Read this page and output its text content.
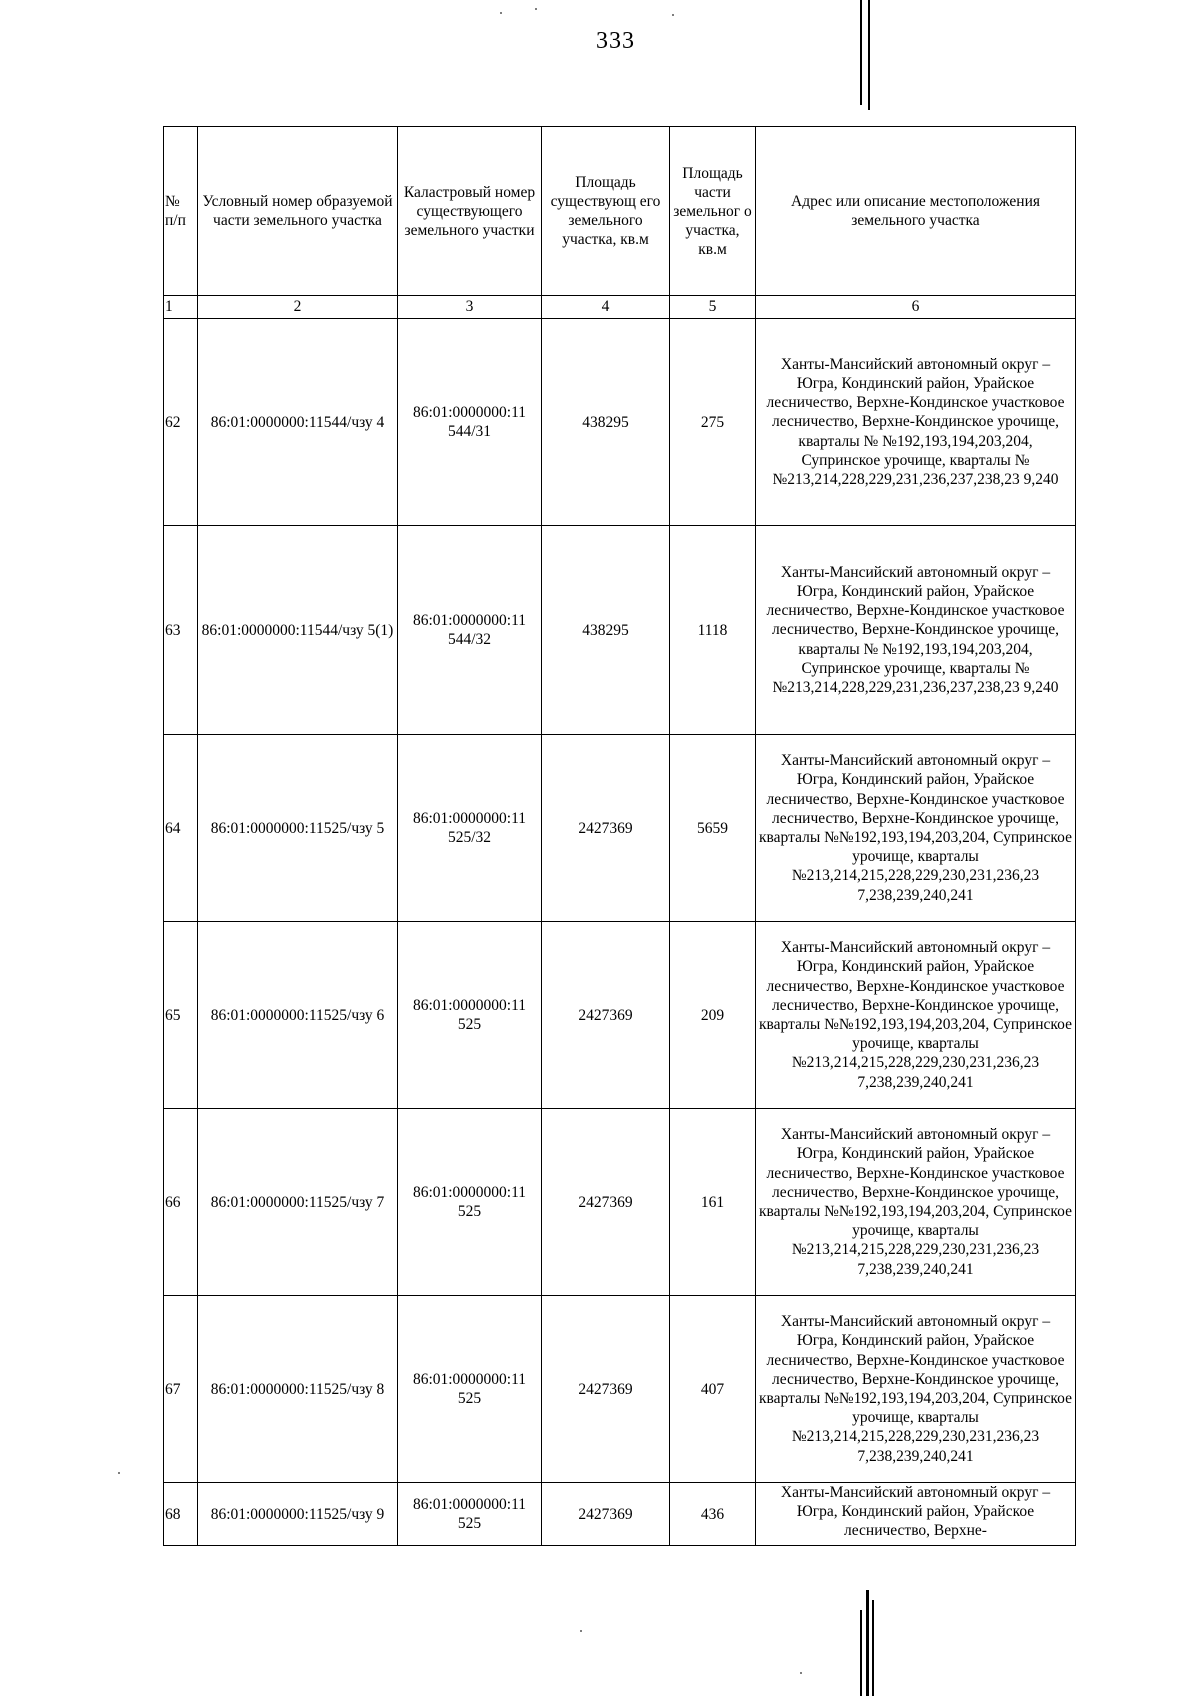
333
№ п/п	Условный номер образуемой части земельного участка	Каластровый номер существующего земельного участки	Площадь существующ его земельного участка, кв.м	Площадь части земельног о участка, кв.м	Адрес или описание местоположения земельного участка
1	2	3	4	5	6
62	86:01:0000000:11544/чзу 4	86:01:0000000:11 544/31	438295	275	Ханты-Мансийский автономный округ – Югра, Кондинский район, Урайское лесничество, Верхне-Кондинское участковое лесничество, Верхне-Кондинское урочище, кварталы № №192,193,194,203,204, Супринское урочище, кварталы № №213,214,228,229,231,236,237,238,23 9,240
63	86:01:0000000:11544/чзу 5(1)	86:01:0000000:11 544/32	438295	1118	Ханты-Мансийский автономный округ – Югра, Кондинский район, Урайское лесничество, Верхне-Кондинское участковое лесничество, Верхне-Кондинское урочище, кварталы № №192,193,194,203,204, Супринское урочище, кварталы № №213,214,228,229,231,236,237,238,23 9,240
64	86:01:0000000:11525/чзу 5	86:01:0000000:11 525/32	2427369	5659	Ханты-Мансийский автономный округ – Югра, Кондинский район, Урайское лесничество, Верхне-Кондинское участковое лесничество, Верхне-Кондинское урочище, кварталы №№192,193,194,203,204, Супринское урочище, кварталы №213,214,215,228,229,230,231,236,23 7,238,239,240,241
65	86:01:0000000:11525/чзу 6	86:01:0000000:11 525	2427369	209	Ханты-Мансийский автономный округ – Югра, Кондинский район, Урайское лесничество, Верхне-Кондинское участковое лесничество, Верхне-Кондинское урочище, кварталы №№192,193,194,203,204, Супринское урочище, кварталы №213,214,215,228,229,230,231,236,23 7,238,239,240,241
66	86:01:0000000:11525/чзу 7	86:01:0000000:11 525	2427369	161	Ханты-Мансийский автономный округ – Югра, Кондинский район, Урайское лесничество, Верхне-Кондинское участковое лесничество, Верхне-Кондинское урочище, кварталы №№192,193,194,203,204, Супринское урочище, кварталы №213,214,215,228,229,230,231,236,23 7,238,239,240,241
67	86:01:0000000:11525/чзу 8	86:01:0000000:11 525	2427369	407	Ханты-Мансийский автономный округ – Югра, Кондинский район, Урайское лесничество, Верхне-Кондинское участковое лесничество, Верхне-Кондинское урочище, кварталы №№192,193,194,203,204, Супринское урочище, кварталы №213,214,215,228,229,230,231,236,23 7,238,239,240,241
68	86:01:0000000:11525/чзу 9	86:01:0000000:11 525	2427369	436	Ханты-Мансийский автономный округ – Югра, Кондинский район, Урайское лесничество, Верхне-
